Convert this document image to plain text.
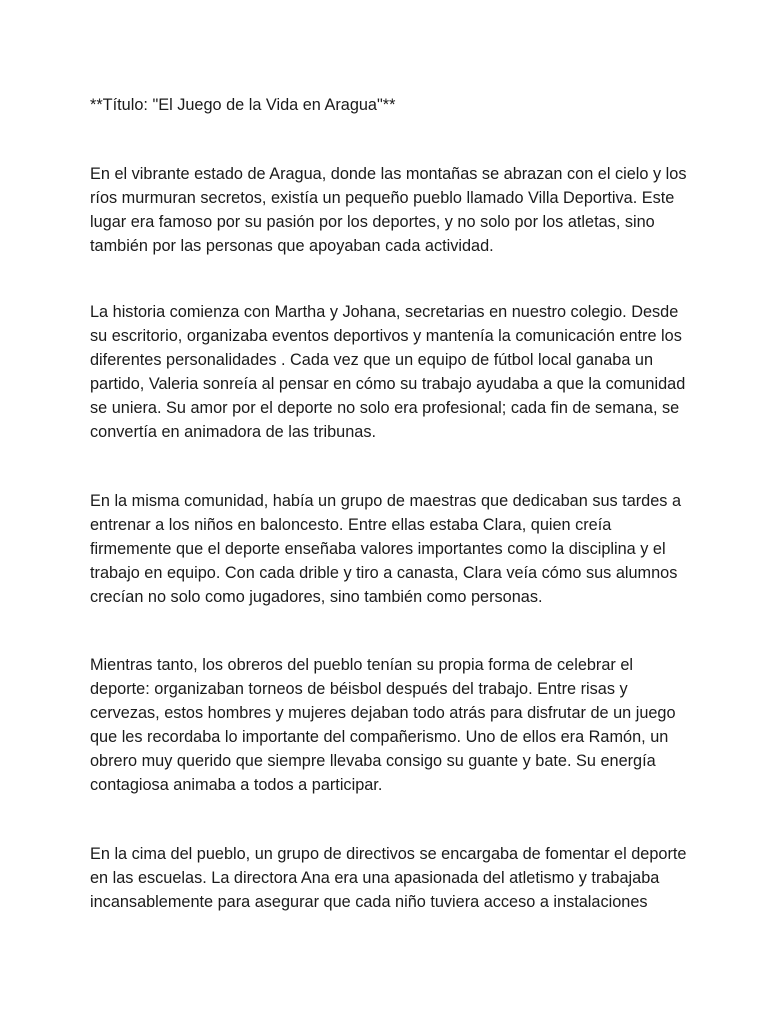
**Título: "El Juego de la Vida en Aragua"**

En el vibrante estado de Aragua, donde las montañas se abrazan con el cielo y los
ríos murmuran secretos, existía un pequeño pueblo llamado Villa Deportiva. Este
lugar era famoso por su pasión por los deportes, y no solo por los atletas, sino
también por las personas que apoyaban cada actividad.

La historia comienza con Martha y Johana, secretarias en nuestro colegio. Desde
su escritorio, organizaba eventos deportivos y mantenía la comunicación entre los
diferentes personalidades . Cada vez que un equipo de fútbol local ganaba un
partido, Valeria sonreía al pensar en cómo su trabajo ayudaba a que la comunidad
se uniera. Su amor por el deporte no solo era profesional; cada fin de semana, se
convertía en animadora de las tribunas.

En la misma comunidad, había un grupo de maestras que dedicaban sus tardes a
entrenar a los niños en baloncesto. Entre ellas estaba Clara, quien creía
firmemente que el deporte enseñaba valores importantes como la disciplina y el
trabajo en equipo. Con cada drible y tiro a canasta, Clara veía cómo sus alumnos
crecían no solo como jugadores, sino también como personas.

Mientras tanto, los obreros del pueblo tenían su propia forma de celebrar el
deporte: organizaban torneos de béisbol después del trabajo. Entre risas y
cervezas, estos hombres y mujeres dejaban todo atrás para disfrutar de un juego
que les recordaba lo importante del compañerismo. Uno de ellos era Ramón, un
obrero muy querido que siempre llevaba consigo su guante y bate. Su energía
contagiosa animaba a todos a participar.

En la cima del pueblo, un grupo de directivos se encargaba de fomentar el deporte
en las escuelas. La directora Ana era una apasionada del atletismo y trabajaba
incansablemente para asegurar que cada niño tuviera acceso a instalaciones
